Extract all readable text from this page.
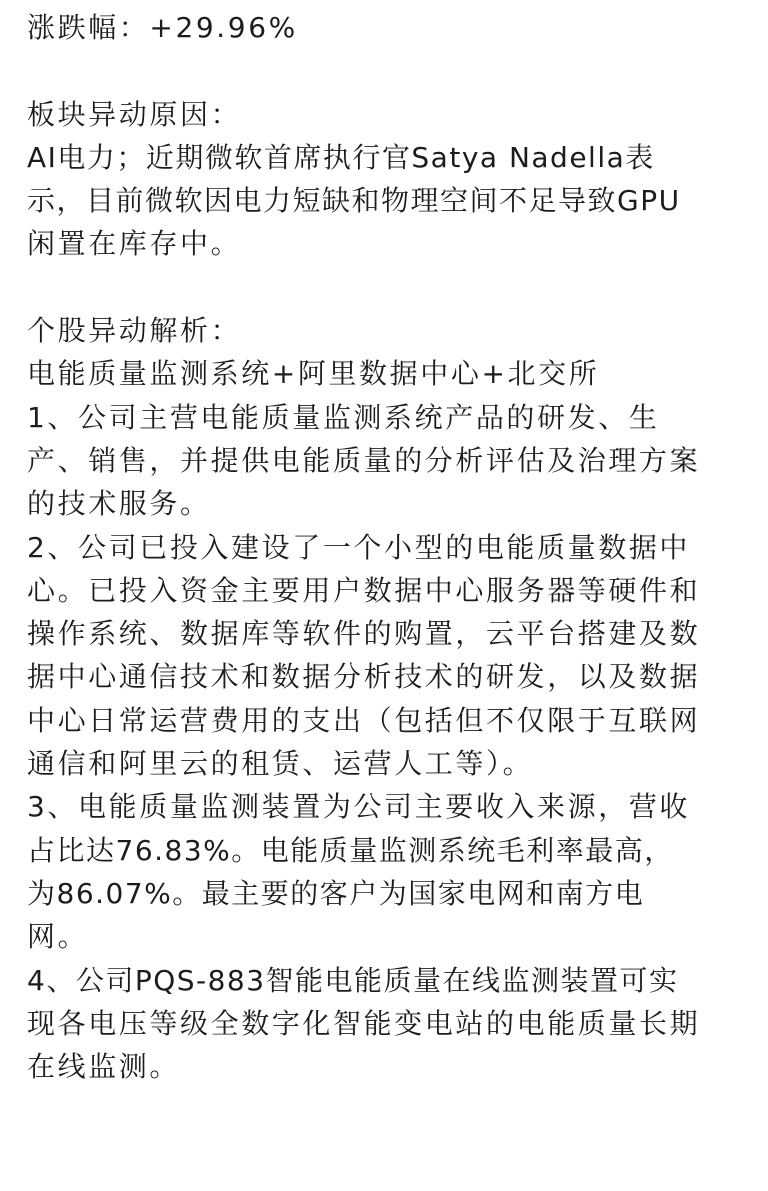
涨跌幅：+29.96%
板块异动原因：
AI电力；近期微软首席执行官Satya Nadella表
示，目前微软因电力短缺和物理空间不足导致GPU
闲置在库存中。
个股异动解析：
电能质量监测系统+阿里数据中心+北交所
1、公司主营电能质量监测系统产品的研发、生
产、销售，并提供电能质量的分析评估及治理方案
的技术服务。
2、公司已投入建设了一个小型的电能质量数据中
心。已投入资金主要用户数据中心服务器等硬件和
操作系统、数据库等软件的购置，云平台搭建及数
据中心通信技术和数据分析技术的研发，以及数据
中心日常运营费用的支出（包括但不仅限于互联网
通信和阿里云的租赁、运营人工等）。
3、电能质量监测装置为公司主要收入来源，营收
占比达76.83%。电能质量监测系统毛利率最高，
为86.07%。最主要的客户为国家电网和南方电
网。
4、公司PQS-883智能电能质量在线监测装置可实
现各电压等级全数字化智能变电站的电能质量长期
在线监测。
